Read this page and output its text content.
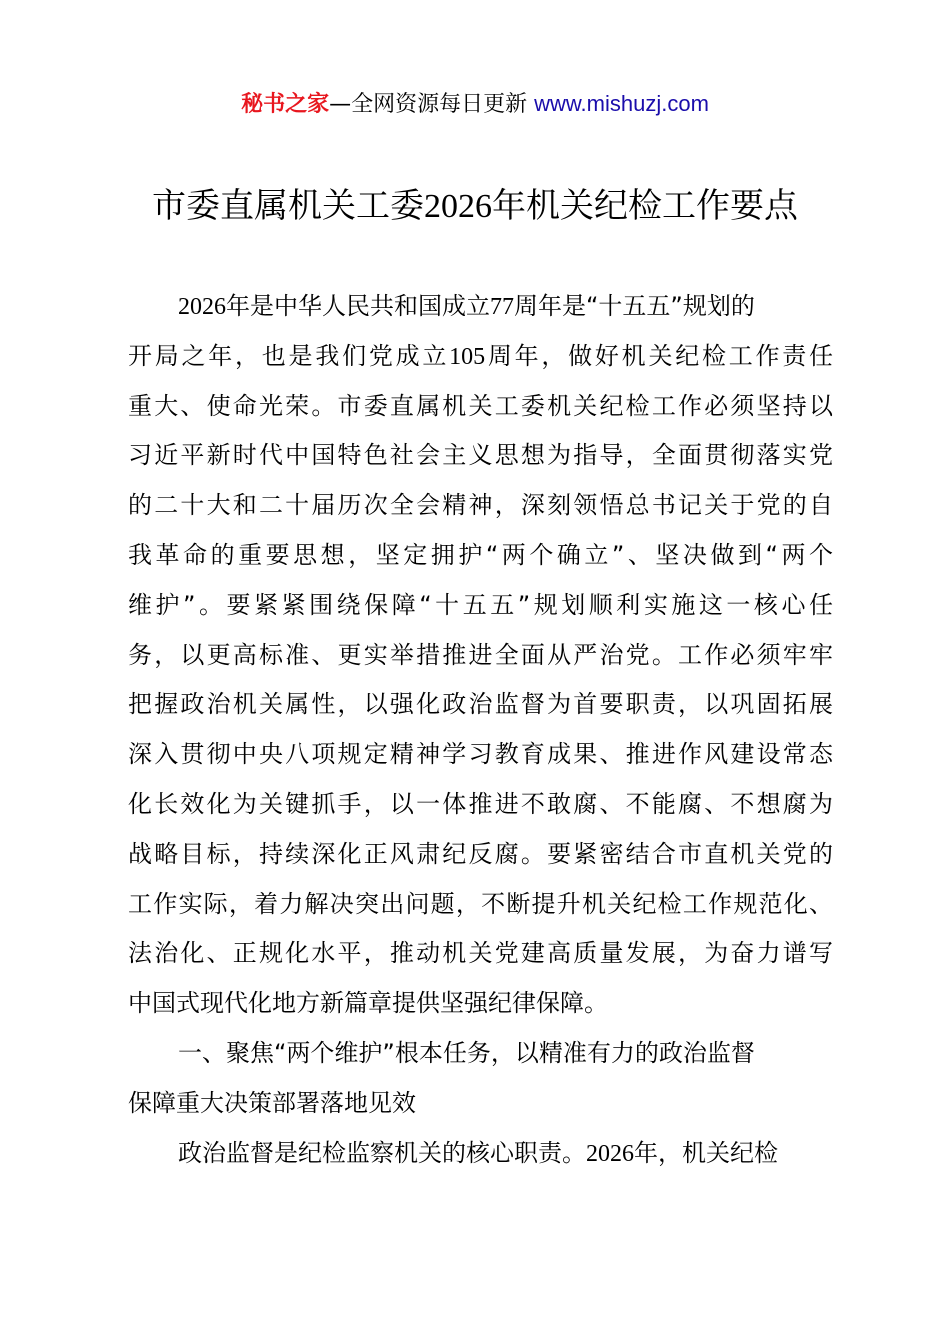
秘书之家—全网资源每日更新 www.mishuzj.com
市委直属机关工委2026年机关纪检工作要点
2026年是中华人民共和国成立77周年是“十五五”规划的
开局之年，也是我们党成立105周年，做好机关纪检工作责任
重大、使命光荣。市委直属机关工委机关纪检工作必须坚持以
习近平新时代中国特色社会主义思想为指导，全面贯彻落实党
的二十大和二十届历次全会精神，深刻领悟总书记关于党的自
我革命的重要思想，坚定拥护“两个确立”、坚决做到“两个
维护”。要紧紧围绕保障“十五五”规划顺利实施这一核心任
务，以更高标准、更实举措推进全面从严治党。工作必须牢牢
把握政治机关属性，以强化政治监督为首要职责，以巩固拓展
深入贯彻中央八项规定精神学习教育成果、推进作风建设常态
化长效化为关键抓手，以一体推进不敢腐、不能腐、不想腐为
战略目标，持续深化正风肃纪反腐。要紧密结合市直机关党的
工作实际，着力解决突出问题，不断提升机关纪检工作规范化、
法治化、正规化水平，推动机关党建高质量发展，为奋力谱写
中国式现代化地方新篇章提供坚强纪律保障。
一、聚焦“两个维护”根本任务，以精准有力的政治监督
保障重大决策部署落地见效
政治监督是纪检监察机关的核心职责。2026年，机关纪检
